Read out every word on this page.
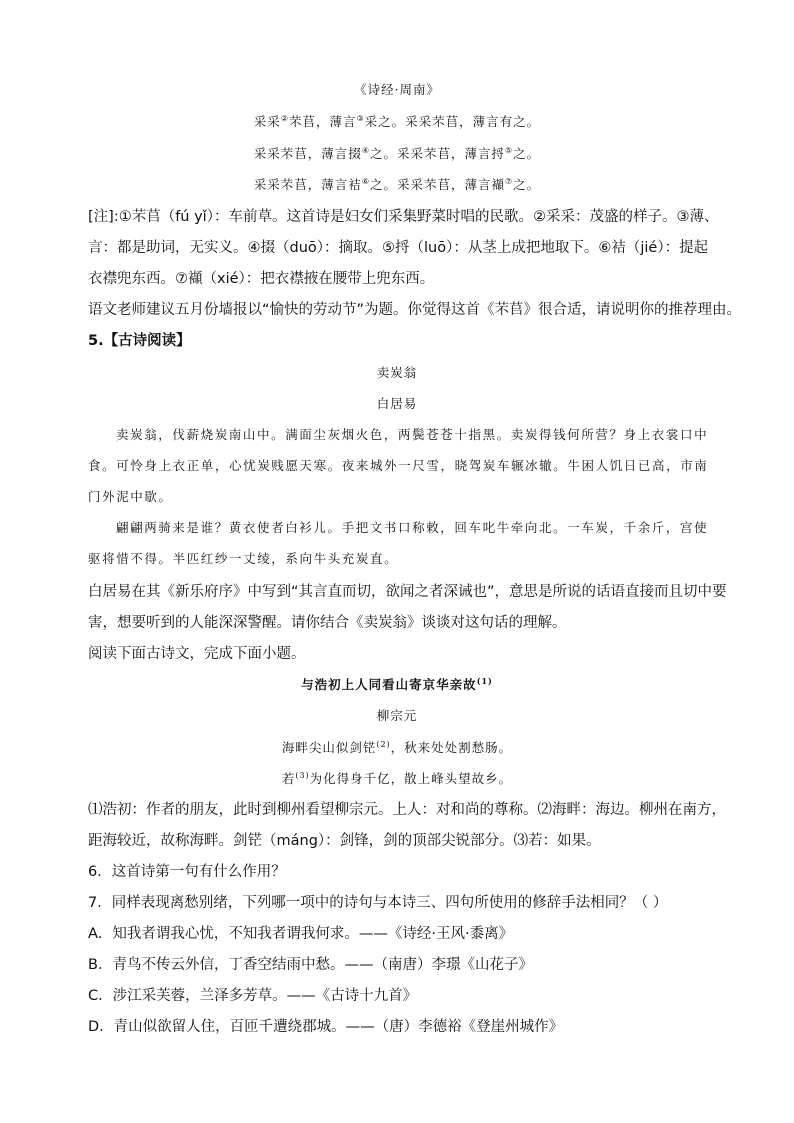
《诗经·周南》
采采②芣苢，薄言③采之。采采芣苢，薄言有之。
采采芣苢，薄言掇④之。采采芣苢，薄言捋⑤之。
采采芣苢，薄言袺⑥之。采采芣苢，薄言襭⑦之。
[注]:①芣苢（fú yǐ）：车前草。这首诗是妇女们采集野菜时唱的民歌。②采采：茂盛的样子。③薄、
言：都是助词，无实义。④掇（duō）：摘取。⑤捋（luō）：从茎上成把地取下。⑥袺（jié）：提起
衣襟兜东西。⑦襭（xié）：把衣襟掖在腰带上兜东西。
语文老师建议五月份墙报以“愉快的劳动节”为题。你觉得这首《芣苢》很合适，请说明你的推荐理由。
5.【古诗阅读】
卖炭翁
白居易
卖炭翁，伐薪烧炭南山中。满面尘灰烟火色，两鬓苍苍十指黑。卖炭得钱何所营？身上衣裳口中
食。可怜身上衣正单，心忧炭贱愿天寒。夜来城外一尺雪，晓驾炭车辗冰辙。牛困人饥日已高，市南
门外泥中歇。
翩翩两骑来是谁？黄衣使者白衫儿。手把文书口称敕，回车叱牛牵向北。一车炭，千余斤，宫使
驱将惜不得。半匹红纱一丈绫，系向牛头充炭直。
白居易在其《新乐府序》中写到“其言直而切，欲闻之者深诫也”，意思是所说的话语直接而且切中要
害，想要听到的人能深深警醒。请你结合《卖炭翁》谈谈对这句话的理解。
阅读下面古诗文，完成下面小题。
与浩初上人同看山寄京华亲故$^{(1)}$
柳宗元
海畔尖山似剑铓$^{(2)}$，秋来处处割愁肠。
若$^{(3)}$为化得身千亿，散上峰头望故乡。
⑴浩初：作者的朋友，此时到柳州看望柳宗元。上人：对和尚的尊称。⑵海畔：海边。柳州在南方，
距海较近，故称海畔。剑铓（máng）：剑锋，剑的顶部尖锐部分。⑶若：如果。
6．这首诗第一句有什么作用？
7．同样表现离愁别绪，下列哪一项中的诗句与本诗三、四句所使用的修辞手法相同？（ ）
A．知我者谓我心忧，不知我者谓我何求。——《诗经·王风·黍离》
B．青鸟不传云外信，丁香空结雨中愁。——（南唐）李璟《山花子》
C．涉江采芙蓉，兰泽多芳草。——《古诗十九首》
D．青山似欲留人住，百匝千遭绕郡城。——（唐）李德裕《登崖州城作》
